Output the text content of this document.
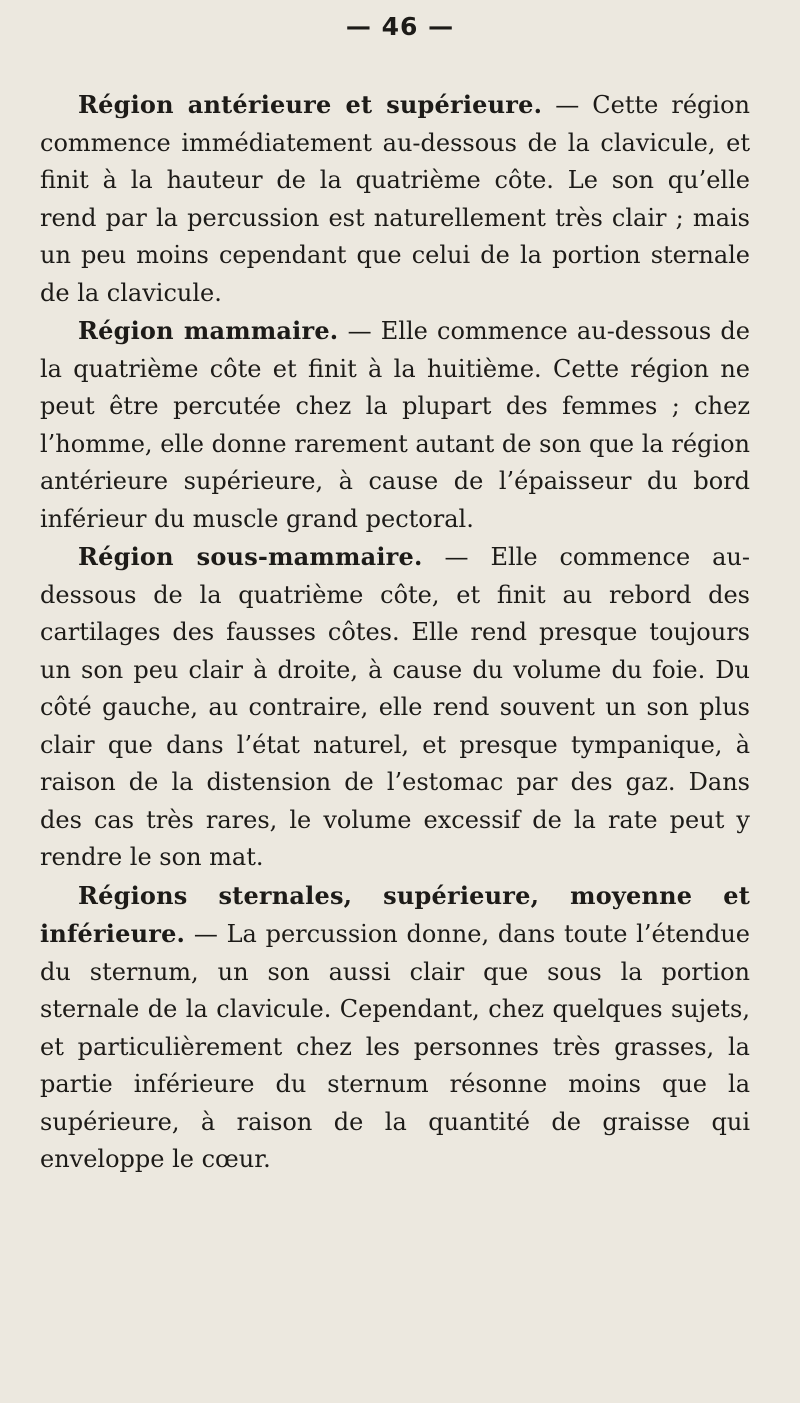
— 46 —

Région antérieure et supérieure. — Cette région commence immédiatement au-dessous de la clavicule, et finit à la hauteur de la quatrième côte. Le son qu’elle rend par la percussion est naturellement très clair ; mais un peu moins cependant que celui de la portion sternale de la clavicule.

Région mammaire. — Elle commence au-dessous de la quatrième côte et finit à la huitième. Cette région ne peut être percutée chez la plupart des femmes ; chez l’homme, elle donne rarement autant de son que la région antérieure supérieure, à cause de l’épaisseur du bord inférieur du muscle grand pectoral.

Région sous-mammaire. — Elle commence au-dessous de la quatrième côte, et finit au rebord des cartilages des fausses côtes. Elle rend presque toujours un son peu clair à droite, à cause du volume du foie. Du côté gauche, au contraire, elle rend souvent un son plus clair que dans l’état naturel, et presque tympanique, à raison de la distension de l’estomac par des gaz. Dans des cas très rares, le volume excessif de la rate peut y rendre le son mat.

Régions sternales, supérieure, moyenne et inférieure. — La percussion donne, dans toute l’étendue du sternum, un son aussi clair que sous la portion sternale de la clavicule. Cependant, chez quelques sujets, et particulièrement chez les personnes très grasses, la partie inférieure du sternum résonne moins que la supérieure, à raison de la quantité de graisse qui enveloppe le cœur.
